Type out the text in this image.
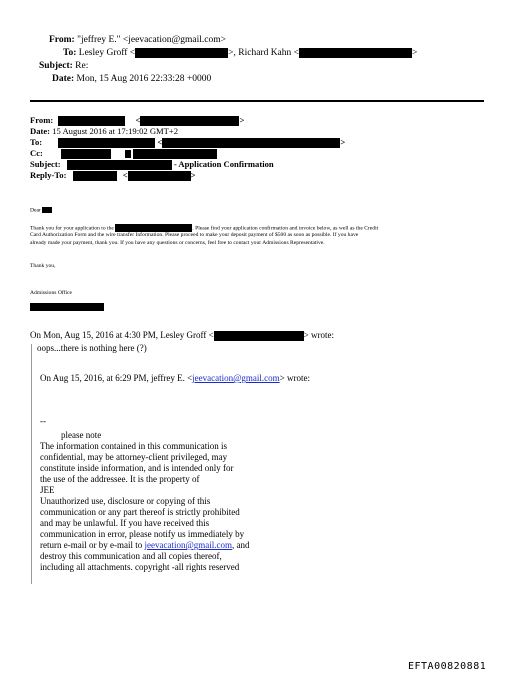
From: "jeffrey E." <jeevacation@gmail.com>
To: Lesley Groff <	>, Richard Kahn <	>
Subject: Re:
Date: Mon, 15 Aug 2016 22:33:28 +0000
From:	<	>
Date: 15 August 2016 at 17:19:02 GMT+2
To:	<	>
Cc:
Subject:	- Application Confirmation
Reply-To:	<	>
Dear
Thank you for your application to the	. Please find your application confirmation and invoice below, as well as the Credit
Card Authorization Form and the wire transfer Information. Please proceed to make your deposit payment of $500 as soon as possible. If you have
already made your payment, thank you. If you have any questions or concerns, feel free to contact your Admissions Representative.
Thank you,
Admissions Office
On Mon, Aug 15, 2016 at 4:30 PM, Lesley Groff <	> wrote:
oops...there is nothing here (?)
On Aug 15, 2016, at 6:29 PM, jeffrey E. <jeevacation@gmail.com> wrote:
--
please note
The information contained in this communication is
confidential, may be attorney-client privileged, may
constitute inside information, and is intended only for
the use of the addressee. It is the property of
JEE
Unauthorized use, disclosure or copying of this
communication or any part thereof is strictly prohibited
and may be unlawful. If you have received this
communication in error, please notify us immediately by
return e-mail or by e-mail to jeevacation@gmail.com, and
destroy this communication and all copies thereof,
including all attachments. copyright -all rights reserved
EFTA00820881
